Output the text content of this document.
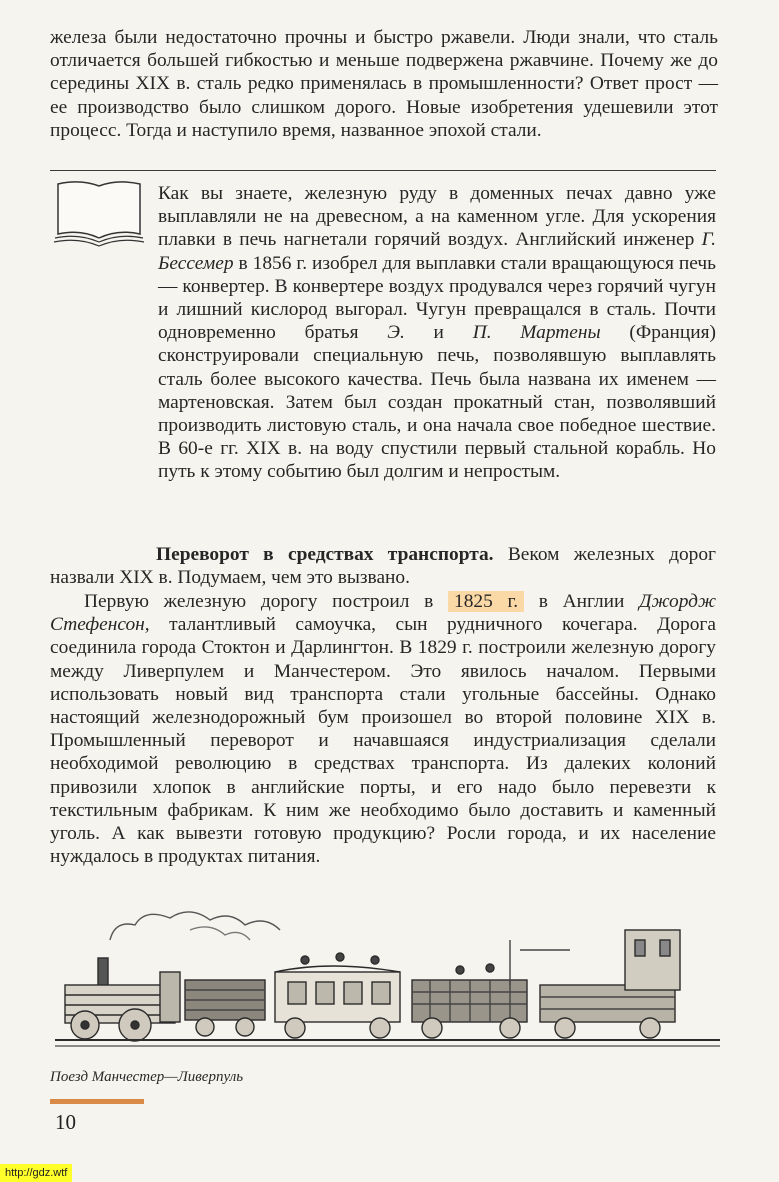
железа были недостаточно прочны и быстро ржавели. Люди знали, что сталь отличается большей гибкостью и меньше подвержена ржавчине. Почему же до середины XIX в. сталь редко применялась в промышленности? Ответ прост — ее производство было слишком дорого. Новые изобретения удешевили этот процесс. Тогда и наступило время, названное эпохой стали.

Как вы знаете, железную руду в доменных печах давно уже выплавляли не на древесном, а на каменном угле. Для ускорения плавки в печь нагнетали горячий воздух. Английский инженер Г. Бессемер в 1856 г. изобрел для выплавки стали вращающуюся печь — конвертер. В конвертере воздух продувался через горячий чугун и лишний кислород выгорал. Чугун превращался в сталь. Почти одновременно братья Э. и П. Мартены (Франция) сконструировали специальную печь, позволявшую выплавлять сталь более высокого качества. Печь была названа их именем — мартеновская. Затем был создан прокатный стан, позволявший производить листовую сталь, и она начала свое победное шествие. В 60-е гг. XIX в. на воду спустили первый стальной корабль. Но путь к этому событию был долгим и непростым.

Переворот в средствах транспорта. Веком железных дорог назвали XIX в. Подумаем, чем это вызвано.

Первую железную дорогу построил в 1825 г. в Англии Джордж Стефенсон, талантливый самоучка, сын рудничного кочегара. Дорога соединила города Стоктон и Дарлингтон. В 1829 г. построили железную дорогу между Ливерпулем и Манчестером. Это явилось началом. Первыми использовать новый вид транспорта стали угольные бассейны. Однако настоящий железнодорожный бум произошел во второй половине XIX в. Промышленный переворот и начавшаяся индустриализация сделали необходимой революцию в средствах транспорта. Из далеких колоний привозили хлопок в английские порты, и его надо было перевезти к текстильным фабрикам. К ним же необходимо было доставить и каменный уголь. А как вывезти готовую продукцию? Росли города, и их население нуждалось в продуктах питания.

Поезд Манчестер—Ливерпуль
10
http://gdz.wtf
